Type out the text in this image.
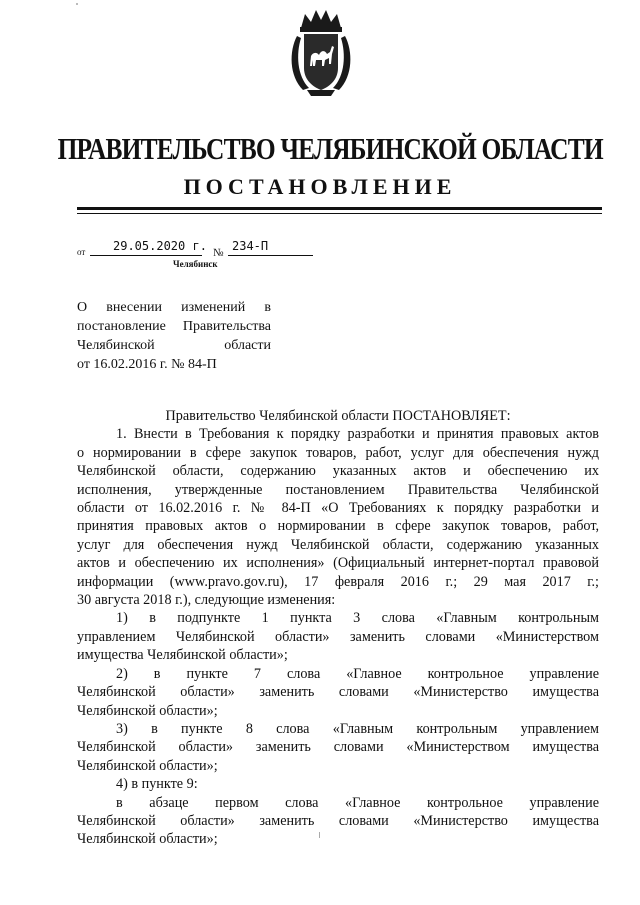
ПРАВИТЕЛЬСТВО ЧЕЛЯБИНСКОЙ ОБЛАСТИ
ПОСТАНОВЛЕНИЕ
от 29.05.2020 г. № 234-П
Челябинск
О внесении изменений в
постановление Правительства
Челябинской области
от 16.02.2016 г. № 84-П
Правительство Челябинской области ПОСТАНОВЛЯЕТ:
1. Внести в Требования к порядку разработки и принятия правовых актов
о нормировании в сфере закупок товаров, работ, услуг для обеспечения нужд
Челябинской области, содержанию указанных актов и обеспечению их
исполнения, утвержденные постановлением Правительства Челябинской
области от 16.02.2016 г. № 84-П «О Требованиях к порядку разработки и
принятия правовых актов о нормировании в сфере закупок товаров, работ,
услуг для обеспечения нужд Челябинской области, содержанию указанных
актов и обеспечению их исполнения» (Официальный интернет-портал правовой
информации (www.pravo.gov.ru), 17 февраля 2016 г.; 29 мая 2017 г.;
30 августа 2018 г.), следующие изменения:
1) в подпункте 1 пункта 3 слова «Главным контрольным
управлением Челябинской области» заменить словами «Министерством
имущества Челябинской области»;
2) в пункте 7 слова «Главное контрольное управление
Челябинской области» заменить словами «Министерство имущества
Челябинской области»;
3) в пункте 8 слова «Главным контрольным управлением
Челябинской области» заменить словами «Министерством имущества
Челябинской области»;
4) в пункте 9:
в абзаце первом слова «Главное контрольное управление
Челябинской области» заменить словами «Министерство имущества
Челябинской области»;
